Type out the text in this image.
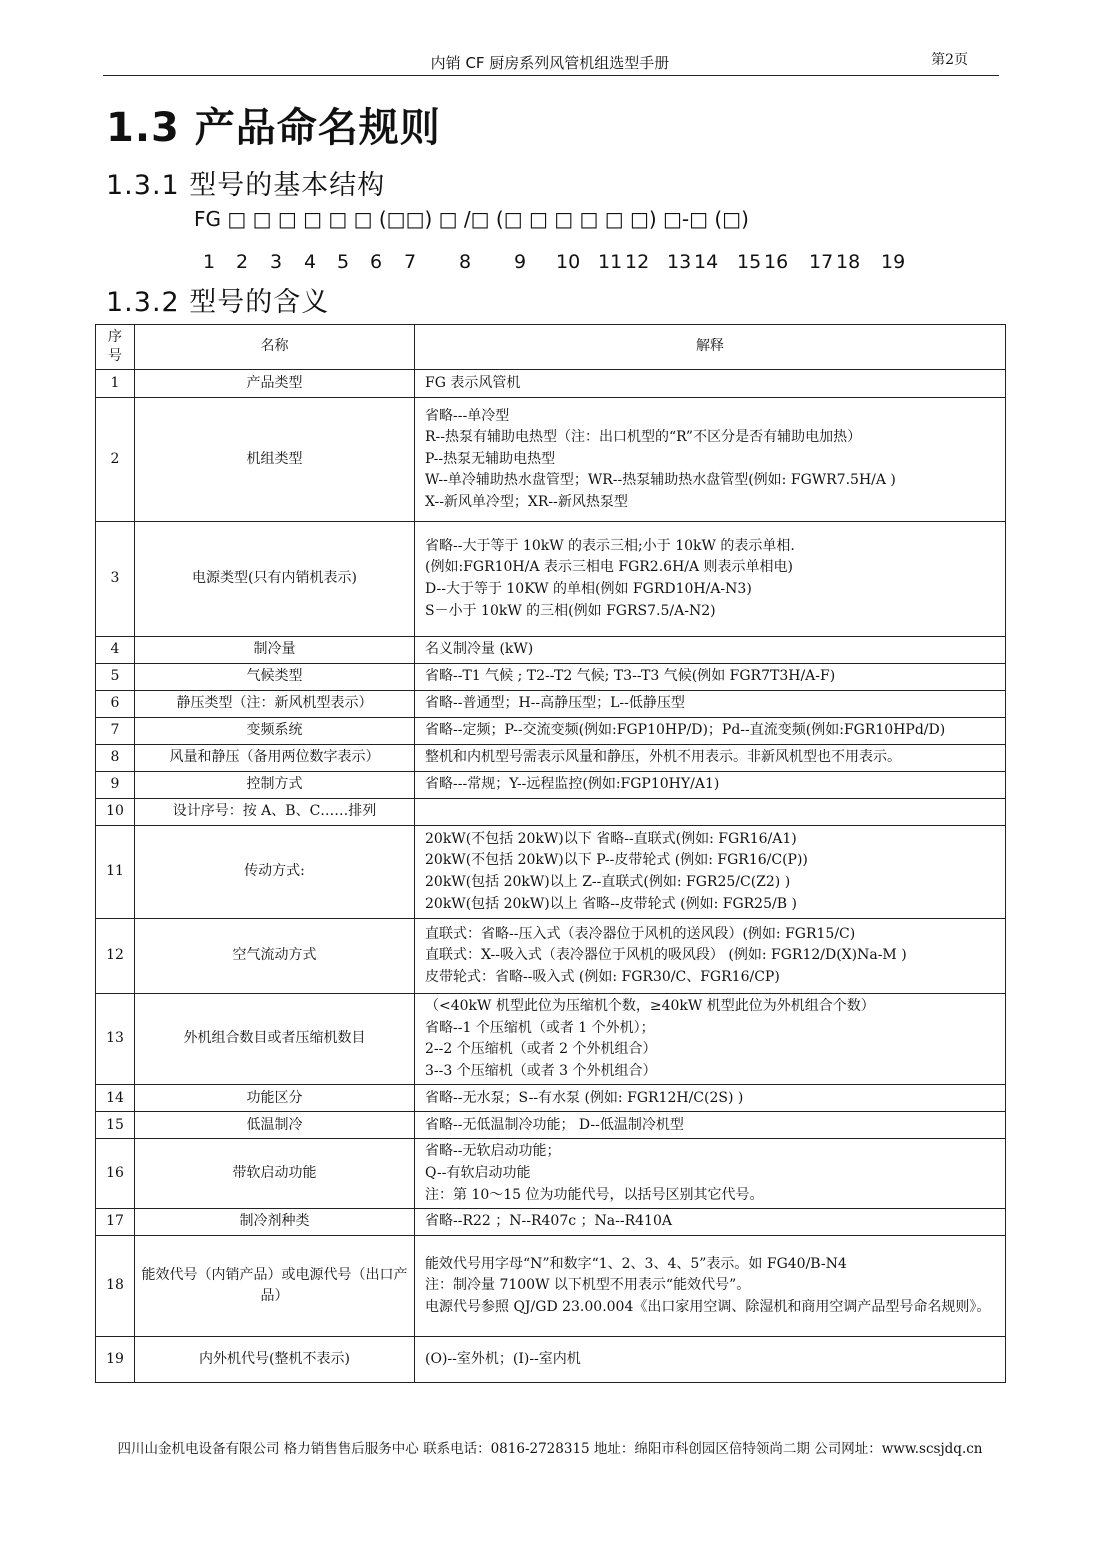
内销 CF 厨房系列风管机组选型手册	第2页
1.3 产品命名规则
1.3.1 型号的基本结构
FG □ □ □ □ □ □ (□□) □ /□ (□ □ □ □ □ □) □-□ (□)
1 2 3 4 5 6 7 8 9 10 11 12 13 14 15 16 17 18 19
1.3.2 型号的含义
序号	名称	解释
1	产品类型	FG 表示风管机

2	机组类型	省略---单冷型
R--热泵有辅助电热型（注：出口机型的“R”不区分是否有辅助电加热）
P--热泵无辅助电热型
W--单冷辅助热水盘管型；WR--热泵辅助热水盘管型(例如: FGWR7.5H/A )
X--新风单冷型；XR--新风热泵型

3	电源类型(只有内销机表示)	省略--大于等于 10kW 的表示三相;小于 10kW 的表示单相.
(例如:FGR10H/A 表示三相电 FGR2.6H/A 则表示单相电)
D--大于等于 10KW 的单相(例如 FGRD10H/A-N3)
S－小于 10kW 的三相(例如 FGRS7.5/A-N2)

4	制冷量	名义制冷量 (kW)

5	气候类型	省略--T1 气候 ; T2--T2 气候; T3--T3 气候(例如 FGR7T3H/A-F)

6	静压类型（注：新风机型表示）	省略--普通型；H--高静压型；L--低静压型

7	变频系统	省略--定频；P--交流变频(例如:FGP10HP/D)；Pd--直流变频(例如:FGR10HPd/D)

8	风量和静压（备用两位数字表示）	整机和内机型号需表示风量和静压，外机不用表示。非新风机型也不用表示。

9	控制方式	省略---常规；Y--远程监控(例如:FGP10HY/A1)

10	设计序号：按 A、B、C……排列	

11	传动方式:	20kW(不包括 20kW)以下 省略--直联式(例如: FGR16/A1)
20kW(不包括 20kW)以下 P--皮带轮式 (例如: FGR16/C(P))
20kW(包括 20kW)以上 Z--直联式(例如: FGR25/C(Z2) )
20kW(包括 20kW)以上 省略--皮带轮式 (例如: FGR25/B )

12	空气流动方式	直联式：省略--压入式（表冷器位于风机的送风段）(例如: FGR15/C)
直联式：X--吸入式（表冷器位于风机的吸风段） (例如: FGR12/D(X)Na-M )
皮带轮式：省略--吸入式 (例如: FGR30/C、FGR16/CP)

13	外机组合数目或者压缩机数目	（<40kW 机型此位为压缩机个数，≥40kW 机型此位为外机组合个数）
省略--1 个压缩机（或者 1 个外机）；
2--2 个压缩机（或者 2 个外机组合）
3--3 个压缩机（或者 3 个外机组合）

14	功能区分	省略--无水泵；S--有水泵 (例如: FGR12H/C(2S) )

15	低温制冷	省略--无低温制冷功能； D--低温制冷机型

16	带软启动功能	省略--无软启动功能；
Q--有软启动功能
注：第 10～15 位为功能代号，以括号区别其它代号。

17	制冷剂种类	省略--R22 ；N--R407c ；Na--R410A

18	能效代号（内销产品）或电源代号（出口产品）	能效代号用字母“N”和数字“1、2、3、4、5”表示。如 FG40/B-N4
注：制冷量 7100W 以下机型不用表示“能效代号”。
电源代号参照 QJ/GD 23.00.004《出口家用空调、除湿机和商用空调产品型号命名规则》。

19	内外机代号(整机不表示)	(O)--室外机；(I)--室内机
四川山金机电设备有限公司 格力销售售后服务中心 联系电话：0816-2728315 地址：绵阳市科创园区倍特领尚二期 公司网址：www.scsjdq.cn
